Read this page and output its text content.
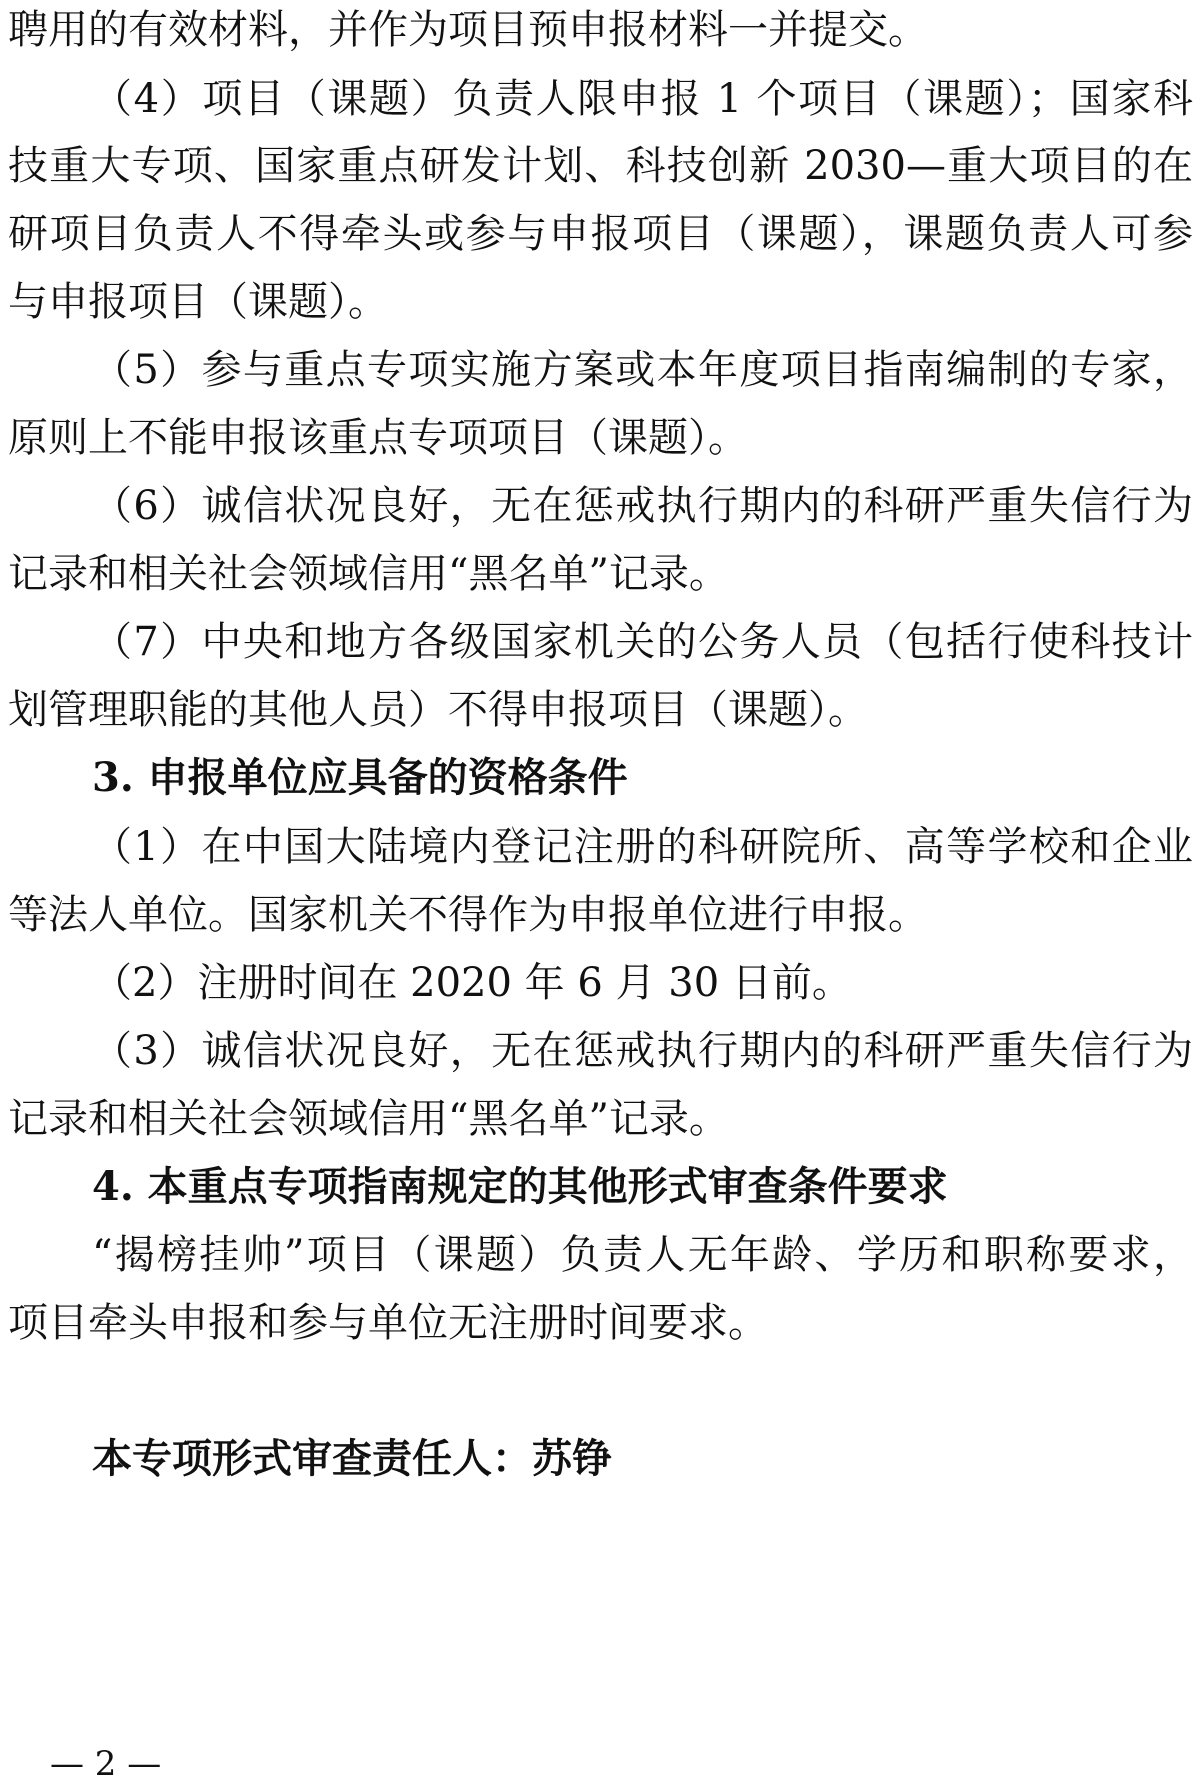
聘用的有效材料，并作为项目预申报材料一并提交。
（4）项目（课题）负责人限申报 1 个项目（课题）；国家科
技重大专项、国家重点研发计划、科技创新 2030—重大项目的在
研项目负责人不得牵头或参与申报项目（课题），课题负责人可参
与申报项目（课题）。
（5）参与重点专项实施方案或本年度项目指南编制的专家，
原则上不能申报该重点专项项目（课题）。
（6）诚信状况良好，无在惩戒执行期内的科研严重失信行为
记录和相关社会领域信用“黑名单”记录。
（7）中央和地方各级国家机关的公务人员（包括行使科技计
划管理职能的其他人员）不得申报项目（课题）。
3. 申报单位应具备的资格条件
（1）在中国大陆境内登记注册的科研院所、高等学校和企业
等法人单位。国家机关不得作为申报单位进行申报。
（2）注册时间在 2020 年 6 月 30 日前。
（3）诚信状况良好，无在惩戒执行期内的科研严重失信行为
记录和相关社会领域信用“黑名单”记录。
4. 本重点专项指南规定的其他形式审查条件要求
“揭榜挂帅”项目（课题）负责人无年龄、学历和职称要求，
项目牵头申报和参与单位无注册时间要求。
本专项形式审查责任人：苏铮
— 2 —
